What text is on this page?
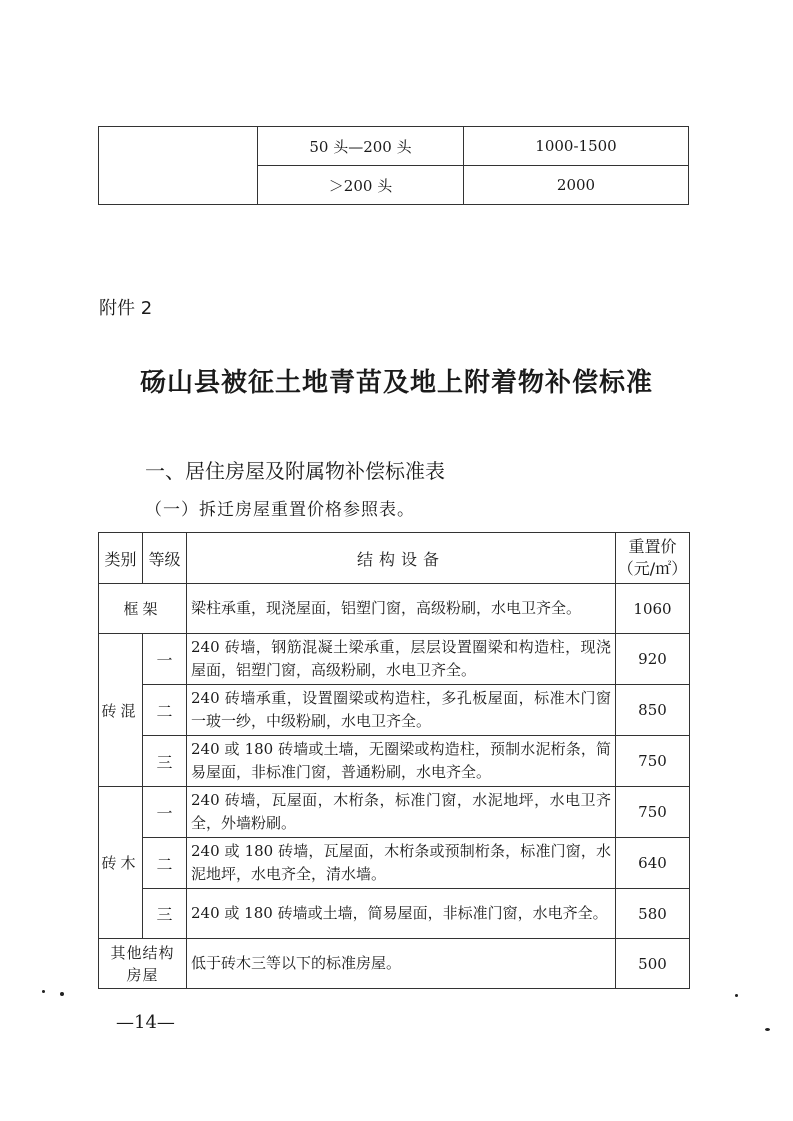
	50 头—200 头	1000-1500
	＞200 头	2000
附件 2
砀山县被征土地青苗及地上附着物补偿标准
一、居住房屋及附属物补偿标准表
（一）拆迁房屋重置价格参照表。
类别	等级	结构设备	重置价
（元/㎡）

框架		梁柱承重，现浇屋面，铝塑门窗，高级粉刷，水电卫齐全。	1060
砖混	一	240 砖墙，钢筋混凝土梁承重，层层设置圈梁和构造柱，现浇屋面，铝塑门窗，高级粉刷，水电卫齐全。	920
	二	240 砖墙承重，设置圈梁或构造柱，多孔板屋面，标准木门窗一玻一纱，中级粉刷，水电卫齐全。	850
	三	240 或 180 砖墙或土墙，无圈梁或构造柱，预制水泥桁条，简易屋面，非标准门窗，普通粉刷，水电齐全。	750
砖木	一	240 砖墙，瓦屋面，木桁条，标准门窗，水泥地坪，水电卫齐全，外墙粉刷。	750
	二	240 或 180 砖墙，瓦屋面，木桁条或预制桁条，标准门窗，水泥地坪，水电齐全，清水墙。	640
	三	240 或 180 砖墙或土墙，简易屋面，非标准门窗，水电齐全。	580
其他结构房屋		低于砖木三等以下的标准房屋。	500
—14—
